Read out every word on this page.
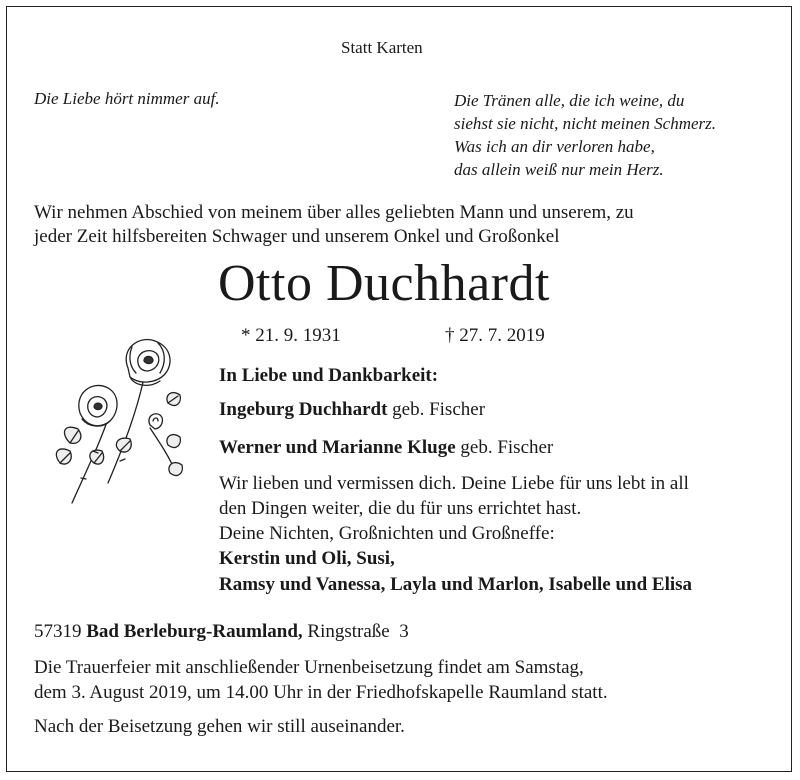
Statt Karten
Die Liebe hört nimmer auf.	Die Tränen alle, die ich weine, du
siehst sie nicht, nicht meinen Schmerz.
Was ich an dir verloren habe,
das allein weiß nur mein Herz.
Wir nehmen Abschied von meinem über alles geliebten Mann und unserem, zu
jeder Zeit hilfsbereiten Schwager und unserem Onkel und Großonkel
Otto Duchhardt
* 21. 9. 1931	† 27. 7. 2019
In Liebe und Dankbarkeit:
Ingeburg Duchhardt geb. Fischer
Werner und Marianne Kluge geb. Fischer
Wir lieben und vermissen dich. Deine Liebe für uns lebt in all
den Dingen weiter, die du für uns errichtet hast.
Deine Nichten, Großnichten und Großneffe:
Kerstin und Oli, Susi,
Ramsy und Vanessa, Layla und Marlon, Isabelle und Elisa
57319 Bad Berleburg-Raumland, Ringstraße  3
Die Trauerfeier mit anschließender Urnenbeisetzung findet am Samstag,
dem 3. August 2019, um 14.00 Uhr in der Friedhofskapelle Raumland statt.
Nach der Beisetzung gehen wir still auseinander.
